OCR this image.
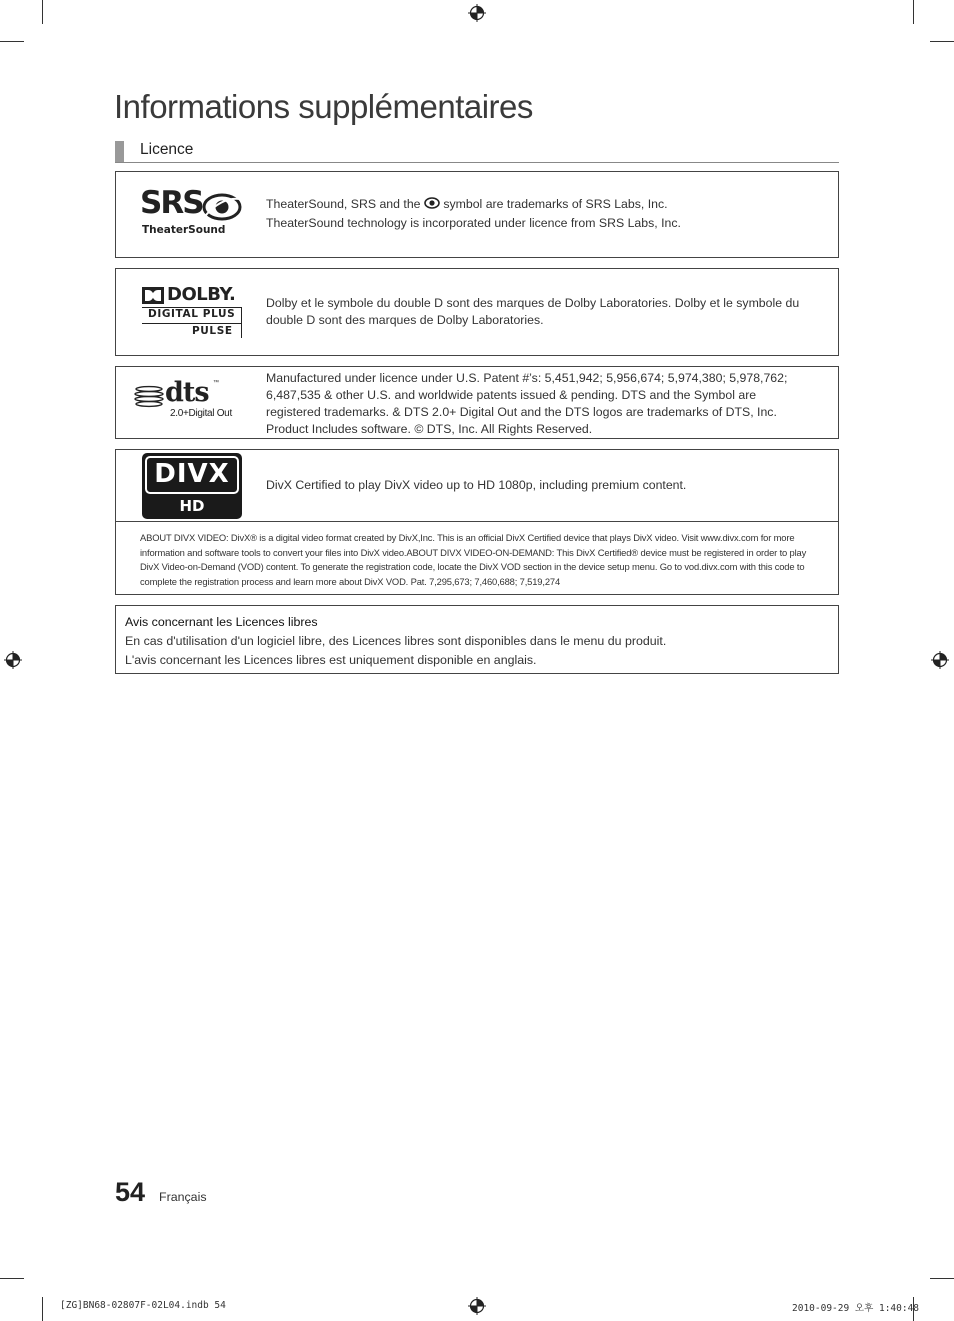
Informations supplémentaires
Licence
SRS
TheaterSound
TheaterSound, SRS and the symbol are trademarks of SRS Labs, Inc.
TheaterSound technology is incorporated under licence from SRS Labs, Inc.
DOLBY.
DIGITAL PLUS
PULSE
Dolby et le symbole du double D sont des marques de Dolby Laboratories. Dolby et le symbole du double D sont des marques de Dolby Laboratories.
dts ™
2.0+Digital Out
Manufactured under licence under U.S. Patent #’s: 5,451,942; 5,956,674; 5,974,380; 5,978,762; 6,487,535 & other U.S. and worldwide patents issued & pending. DTS and the Symbol are registered trademarks. & DTS 2.0+ Digital Out and the DTS logos are trademarks of DTS, Inc. Product Includes software. © DTS, Inc. All Rights Reserved.
DIVX
HD
DivX Certified to play DivX video up to HD 1080p, including premium content.
ABOUT DIVX VIDEO: DivX® is a digital video format created by DivX,Inc. This is an official DivX Certified device that plays DivX video. Visit www.divx.com for more information and software tools to convert your files into DivX video.ABOUT DIVX VIDEO-ON-DEMAND: This DivX Certified® device must be registered in order to play DivX Video-on-Demand (VOD) content. To generate the registration code, locate the DivX VOD section in the device setup menu. Go to vod.divx.com with this code to complete the registration process and learn more about DivX VOD. Pat. 7,295,673; 7,460,688; 7,519,274
Avis concernant les Licences libres
En cas d'utilisation d'un logiciel libre, des Licences libres sont disponibles dans le menu du produit.
L'avis concernant les Licences libres est uniquement disponible en anglais.
54 Français
[ZG]BN68-02807F-02L04.indb 54	2010-09-29 오후 1:40:48
